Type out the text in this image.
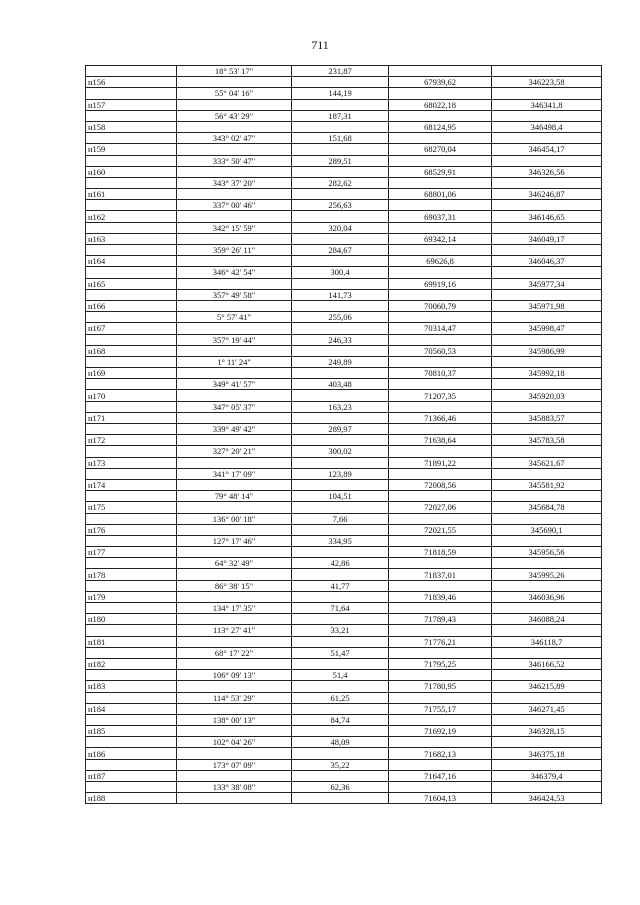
711
	18° 53' 17"	231,87		
н156			67939,62	346223,58
	55° 04' 16"	144,19		
н157			68022,18	346341,8
	56° 43' 29"	187,31		
н158			68124,95	346498,4
	343° 02' 47"	151,68		
н159			68270,04	346454,17
	333° 50' 47"	289,51		
н160			68529,91	346326,56
	343° 37' 20"	282,62		
н161			68801,06	346246,87
	337° 00' 46"	256,63		
н162			69037,31	346146,65
	342° 15' 59"	320,04		
н163			69342,14	346049,17
	359° 26' 11"	284,67		
н164			69626,8	346046,37
	346° 42' 54"	300,4		
н165			69919,16	345977,34
	357° 49' 58"	141,73		
н166			70060,79	345971,98
	5° 57' 41"	255,06		
н167			70314,47	345998,47
	357° 19' 44"	246,33		
н168			70560,53	345986,99
	1° 11' 24"	249,89		
н169			70810,37	345992,18
	349° 41' 57"	403,48		
н170			71207,35	345920,03
	347° 05' 37"	163,23		
н171			71366,46	345883,57
	339° 49' 42"	289,97		
н172			71638,64	345783,58
	327° 20' 21"	300,02		
н173			71891,22	345621,67
	341° 17' 09"	123,89		
н174			72008,56	345581,92
	79° 48' 14"	104,51		
н175			72027,06	345684,78
	136° 00' 18"	7,66		
н176			72021,55	345690,1
	127° 17' 46"	334,95		
н177			71818,59	345956,56
	64° 32' 49"	42,86		
н178			71837,01	345995,26
	86° 38' 15"	41,77		
н179			71839,46	346036,96
	134° 17' 35"	71,64		
н180			71789,43	346088,24
	113° 27' 41"	33,21		
н181			71776,21	346118,7
	68° 17' 22"	51,47		
н182			71795,25	346166,52
	106° 09' 13"	51,4		
н183			71780,95	346215,89
	114° 53' 29"	61,25		
н184			71755,17	346271,45
	138° 00' 13"	84,74		
н185			71692,19	346328,15
	102° 04' 26"	48,09		
н186			71682,13	346375,18
	173° 07' 09"	35,22		
н187			71647,16	346379,4
	133° 38' 08"	62,36		
н188			71604,13	346424,53
